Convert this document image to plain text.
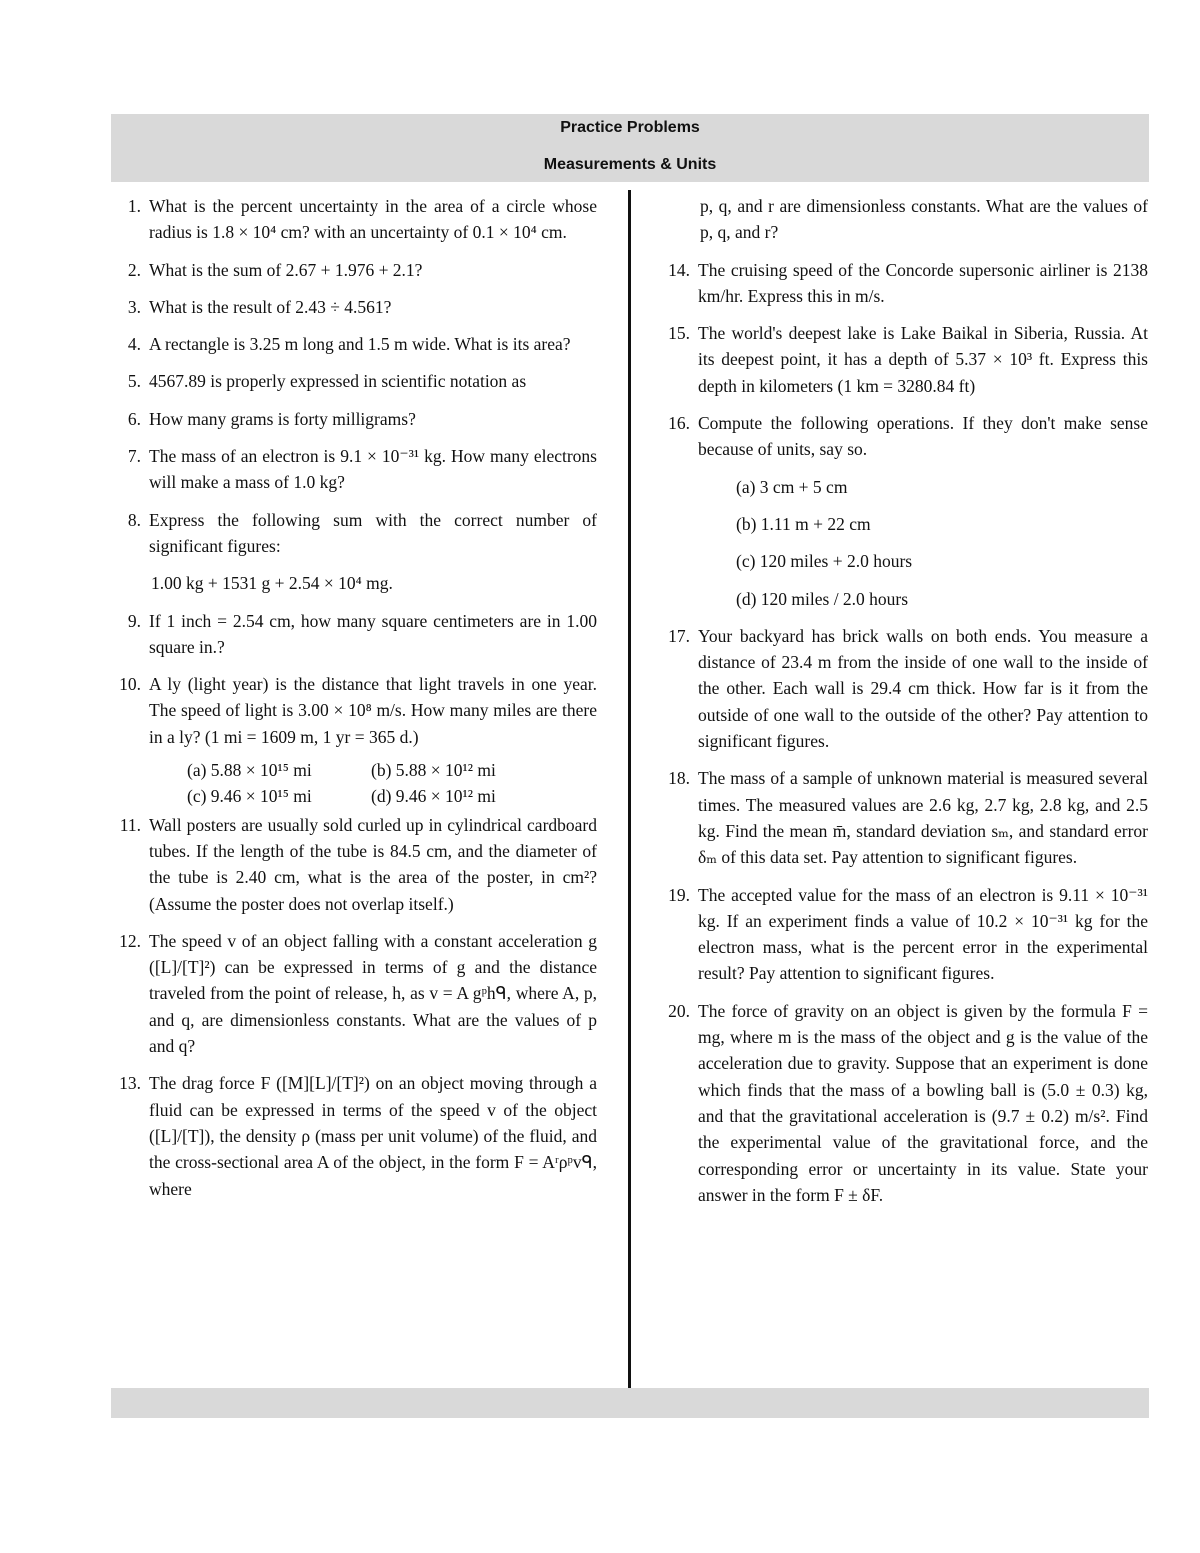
Practice Problems
Measurements & Units
1. What is the percent uncertainty in the area of a circle whose radius is 1.8 × 10⁴ cm? with an uncertainty of 0.1 × 10⁴ cm.
2. What is the sum of 2.67 + 1.976 + 2.1?
3. What is the result of 2.43 ÷ 4.561?
4. A rectangle is 3.25 m long and 1.5 m wide. What is its area?
5. 4567.89 is properly expressed in scientific notation as
6. How many grams is forty milligrams?
7. The mass of an electron is 9.1 × 10⁻³¹ kg. How many electrons will make a mass of 1.0 kg?
8. Express the following sum with the correct number of significant figures:
1.00 kg + 1531 g + 2.54 × 10⁴ mg.
9. If 1 inch = 2.54 cm, how many square centimeters are in 1.00 square in.?
10. A ly (light year) is the distance that light travels in one year. The speed of light is 3.00 × 10⁸ m/s. How many miles are there in a ly? (1 mi = 1609 m, 1 yr = 365 d.)
(a) 5.88 × 10¹⁵ mi	(b) 5.88 × 10¹² mi
(c) 9.46 × 10¹⁵ mi	(d) 9.46 × 10¹² mi
11. Wall posters are usually sold curled up in cylindrical cardboard tubes. If the length of the tube is 84.5 cm, and the diameter of the tube is 2.40 cm, what is the area of the poster, in cm²? (Assume the poster does not overlap itself.)
12. The speed v of an object falling with a constant acceleration g ([L]/[T]²) can be expressed in terms of g and the distance traveled from the point of release, h, as v = A gᵖhᑫ, where A, p, and q, are dimensionless constants. What are the values of p and q?
13. The drag force F ([M][L]/[T]²) on an object moving through a fluid can be expressed in terms of the speed v of the object ([L]/[T]), the density ρ (mass per unit volume) of the fluid, and the cross-sectional area A of the object, in the form F = Aʳρᵖvᑫ, where
p, q, and r are dimensionless constants. What are the values of p, q, and r?
14. The cruising speed of the Concorde supersonic airliner is 2138 km/hr. Express this in m/s.
15. The world's deepest lake is Lake Baikal in Siberia, Russia. At its deepest point, it has a depth of 5.37 × 10³ ft. Express this depth in kilometers (1 km = 3280.84 ft)
16. Compute the following operations. If they don't make sense because of units, say so.
(a) 3 cm + 5 cm
(b) 1.11 m + 22 cm
(c) 120 miles + 2.0 hours
(d) 120 miles / 2.0 hours
17. Your backyard has brick walls on both ends. You measure a distance of 23.4 m from the inside of one wall to the inside of the other. Each wall is 29.4 cm thick. How far is it from the outside of one wall to the outside of the other? Pay attention to significant figures.
18. The mass of a sample of unknown material is measured several times. The measured values are 2.6 kg, 2.7 kg, 2.8 kg, and 2.5 kg. Find the mean m̄, standard deviation sₘ, and standard error δₘ of this data set. Pay attention to significant figures.
19. The accepted value for the mass of an electron is 9.11 × 10⁻³¹ kg. If an experiment finds a value of 10.2 × 10⁻³¹ kg for the electron mass, what is the percent error in the experimental result? Pay attention to significant figures.
20. The force of gravity on an object is given by the formula F = mg, where m is the mass of the object and g is the value of the acceleration due to gravity. Suppose that an experiment is done which finds that the mass of a bowling ball is (5.0 ± 0.3) kg, and that the gravitational acceleration is (9.7 ± 0.2) m/s². Find the experimental value of the gravitational force, and the corresponding error or uncertainty in its value. State your answer in the form F ± δF.
